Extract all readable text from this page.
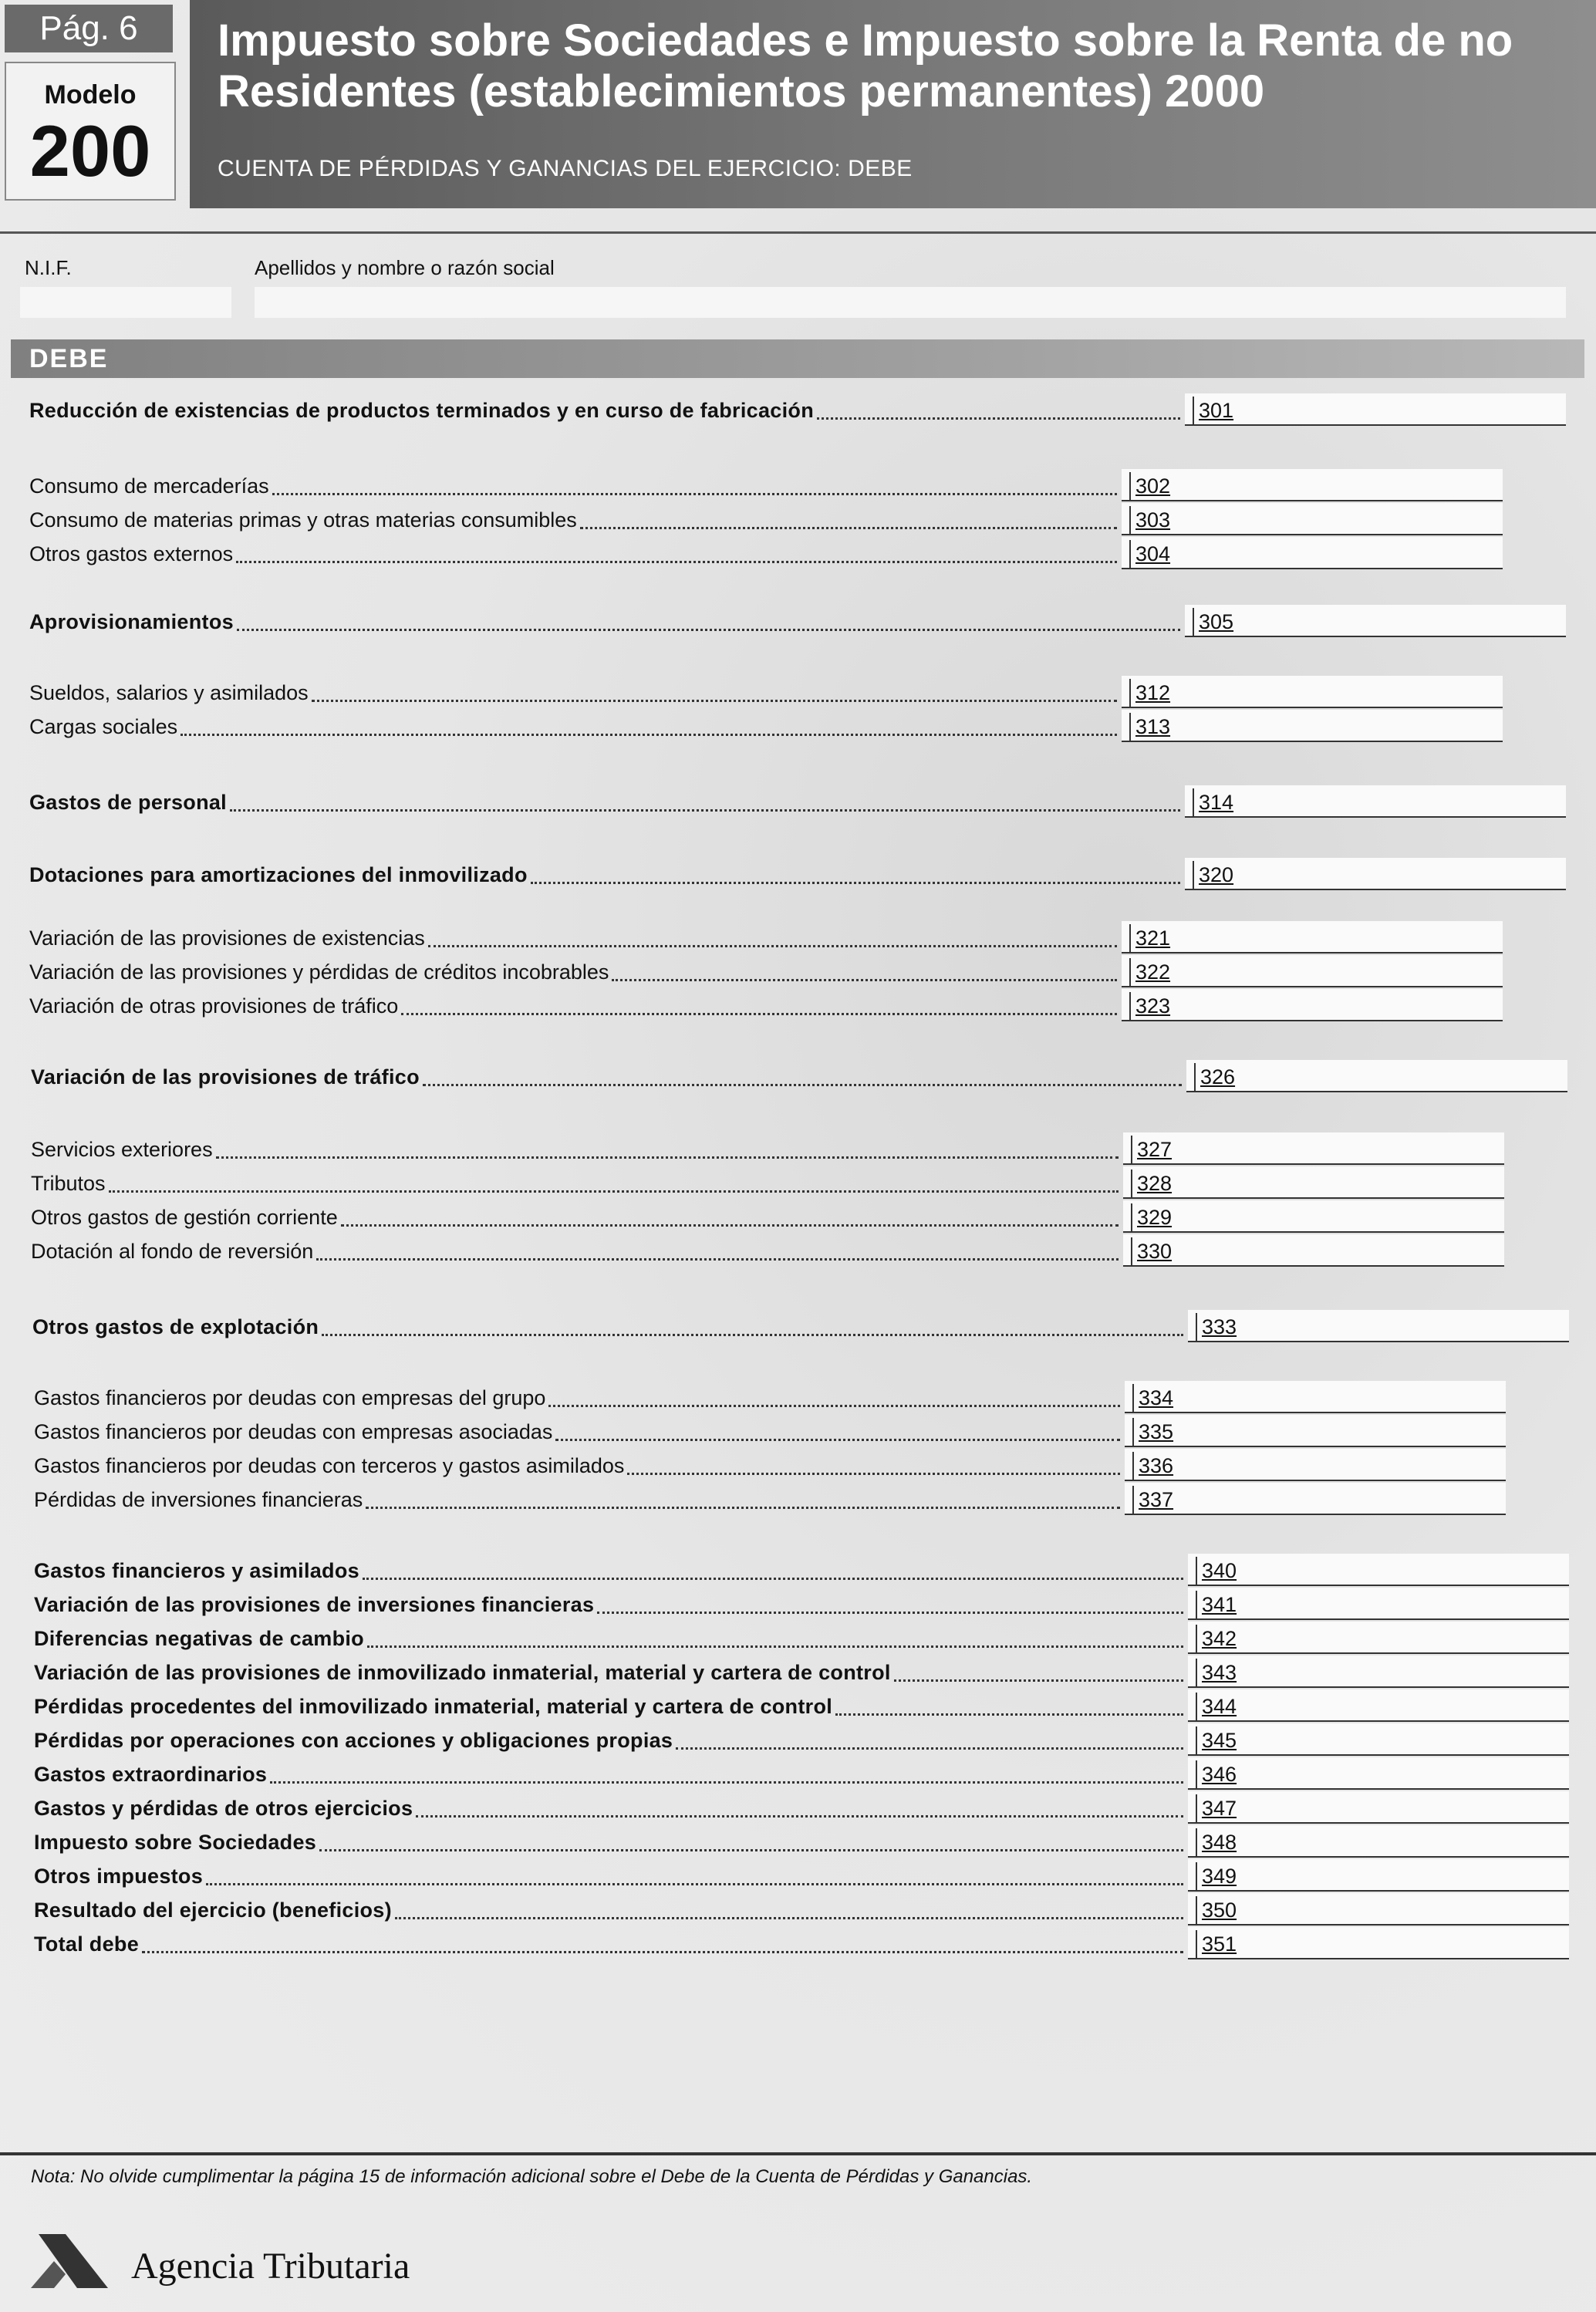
Pág. 6
Modelo
200
Impuesto sobre Sociedades e Impuesto sobre la Renta de no Residentes (establecimientos permanentes) 2000
CUENTA DE PÉRDIDAS Y GANANCIAS DEL EJERCICIO: DEBE
N.I.F.	Apellidos y nombre o razón social
DEBE
Reducción de existencias de productos terminados y en curso de fabricación	301
Consumo de mercaderías	302
Consumo de materias primas y otras materias consumibles	303
Otros gastos externos	304
Aprovisionamientos	305
Sueldos, salarios y asimilados	312
Cargas sociales	313
Gastos de personal	314
Dotaciones para amortizaciones del inmovilizado	320
Variación de las provisiones de existencias	321
Variación de las provisiones y pérdidas de créditos incobrables	322
Variación de otras provisiones de tráfico	323
Variación de las provisiones de tráfico	326
Servicios exteriores	327
Tributos	328
Otros gastos de gestión corriente	329
Dotación al fondo de reversión	330
Otros gastos de explotación	333
Gastos financieros por deudas con empresas del grupo	334
Gastos financieros por deudas con empresas asociadas	335
Gastos financieros por deudas con terceros y gastos asimilados	336
Pérdidas de inversiones financieras	337
Gastos financieros y asimilados	340
Variación de las provisiones de inversiones financieras	341
Diferencias negativas de cambio	342
Variación de las provisiones de inmovilizado inmaterial, material y cartera de control	343
Pérdidas procedentes del inmovilizado inmaterial, material y cartera de control	344
Pérdidas por operaciones con acciones y obligaciones propias	345
Gastos extraordinarios	346
Gastos y pérdidas de otros ejercicios	347
Impuesto sobre Sociedades	348
Otros impuestos	349
Resultado del ejercicio (beneficios)	350
Total debe	351
Nota: No olvide cumplimentar la página 15 de información adicional sobre el Debe de la Cuenta de Pérdidas y Ganancias.
Agencia Tributaria
